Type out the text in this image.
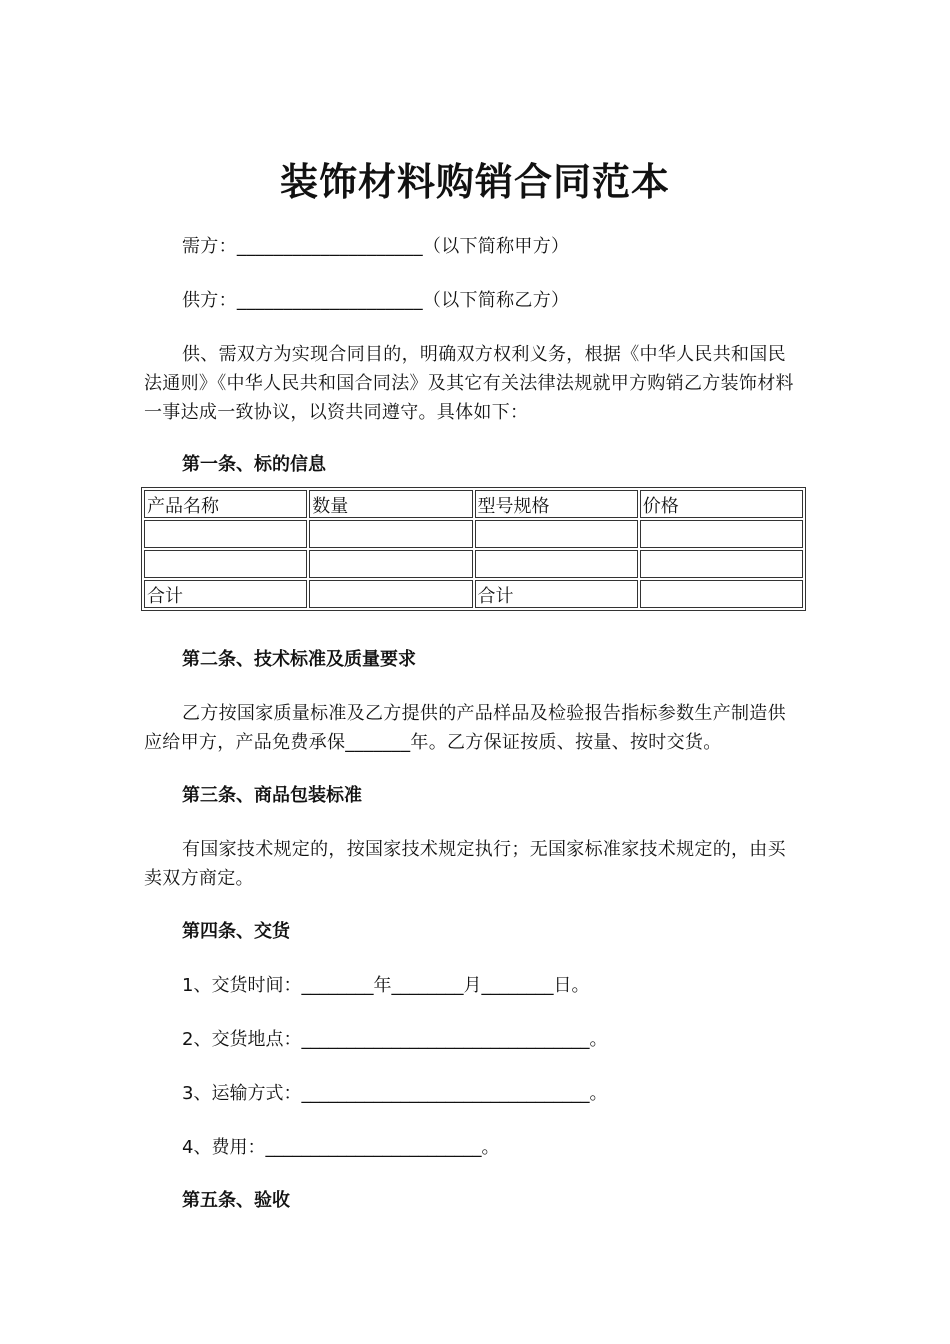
装饰材料购销合同范本
需方：____________________（以下简称甲方）
供方：____________________（以下简称乙方）
供、需双方为实现合同目的，明确双方权利义务，根据《中华人民共和国民法通则》《中华人民共和国合同法》及其它有关法律法规就甲方购销乙方装饰材料一事达成一致协议，以资共同遵守。具体如下：
第一条、标的信息
产品名称	数量	型号规格	价格

合计		合计	
第二条、技术标准及质量要求
乙方按国家质量标准及乙方提供的产品样品及检验报告指标参数生产制造供应给甲方，产品免费承保_______年。乙方保证按质、按量、按时交货。
第三条、商品包装标准
有国家技术规定的，按国家技术规定执行；无国家标准家技术规定的，由买卖双方商定。
第四条、交货
1、交货时间：________年________月________日。
2、交货地点：________________________________。
3、运输方式：________________________________。
4、费用：________________________。
第五条、验收
